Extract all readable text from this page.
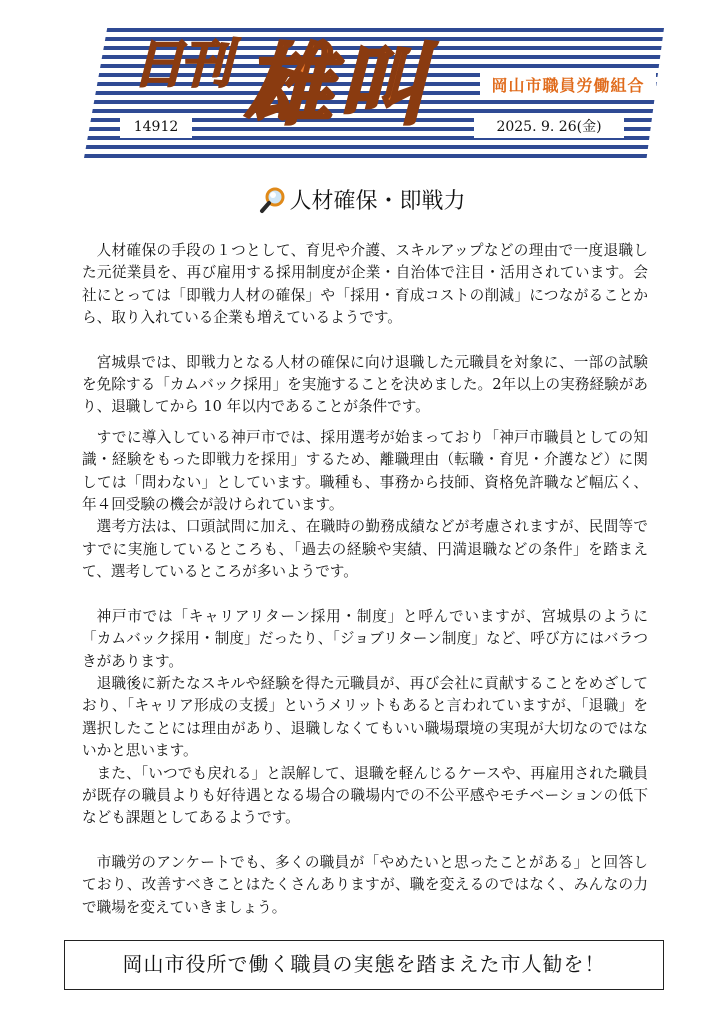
日刊 雄叫	岡山市職員労働組合
14912	2025. 9. 26(金)
人材確保・即戦力

人材確保の手段の１つとして、育児や介護、スキルアップなどの理由で一度退職した元従業員を、再び雇用する採用制度が企業・自治体で注目・活用されています。会社にとっては「即戦力人材の確保」や「採用・育成コストの削減」につながることから、取り入れている企業も増えているようです。

宮城県では、即戦力となる人材の確保に向け退職した元職員を対象に、一部の試験を免除する「カムバック採用」を実施することを決めました。2年以上の実務経験があり、退職してから 10 年以内であることが条件です。

すでに導入している神戸市では、採用選考が始まっており「神戸市職員としての知識・経験をもった即戦力を採用」するため、離職理由（転職・育児・介護など）に関しては「問わない」としています。職種も、事務から技師、資格免許職など幅広く、年４回受験の機会が設けられています。

選考方法は、口頭試問に加え、在職時の勤務成績などが考慮されますが、民間等ですでに実施しているところも、「過去の経験や実績、円満退職などの条件」を踏まえて、選考しているところが多いようです。

神戸市では「キャリアリターン採用・制度」と呼んでいますが、宮城県のように「カムバック採用・制度」だったり、「ジョブリターン制度」など、呼び方にはバラつきがあります。

退職後に新たなスキルや経験を得た元職員が、再び会社に貢献することをめざしており、「キャリア形成の支援」というメリットもあると言われていますが、「退職」を選択したことには理由があり、退職しなくてもいい職場環境の実現が大切なのではないかと思います。

また、「いつでも戻れる」と誤解して、退職を軽んじるケースや、再雇用された職員が既存の職員よりも好待遇となる場合の職場内での不公平感やモチベーションの低下なども課題としてあるようです。

市職労のアンケートでも、多くの職員が「やめたいと思ったことがある」と回答しており、改善すべきことはたくさんありますが、職を変えるのではなく、みんなの力で職場を変えていきましょう。

岡山市役所で働く職員の実態を踏まえた市人勧を！
